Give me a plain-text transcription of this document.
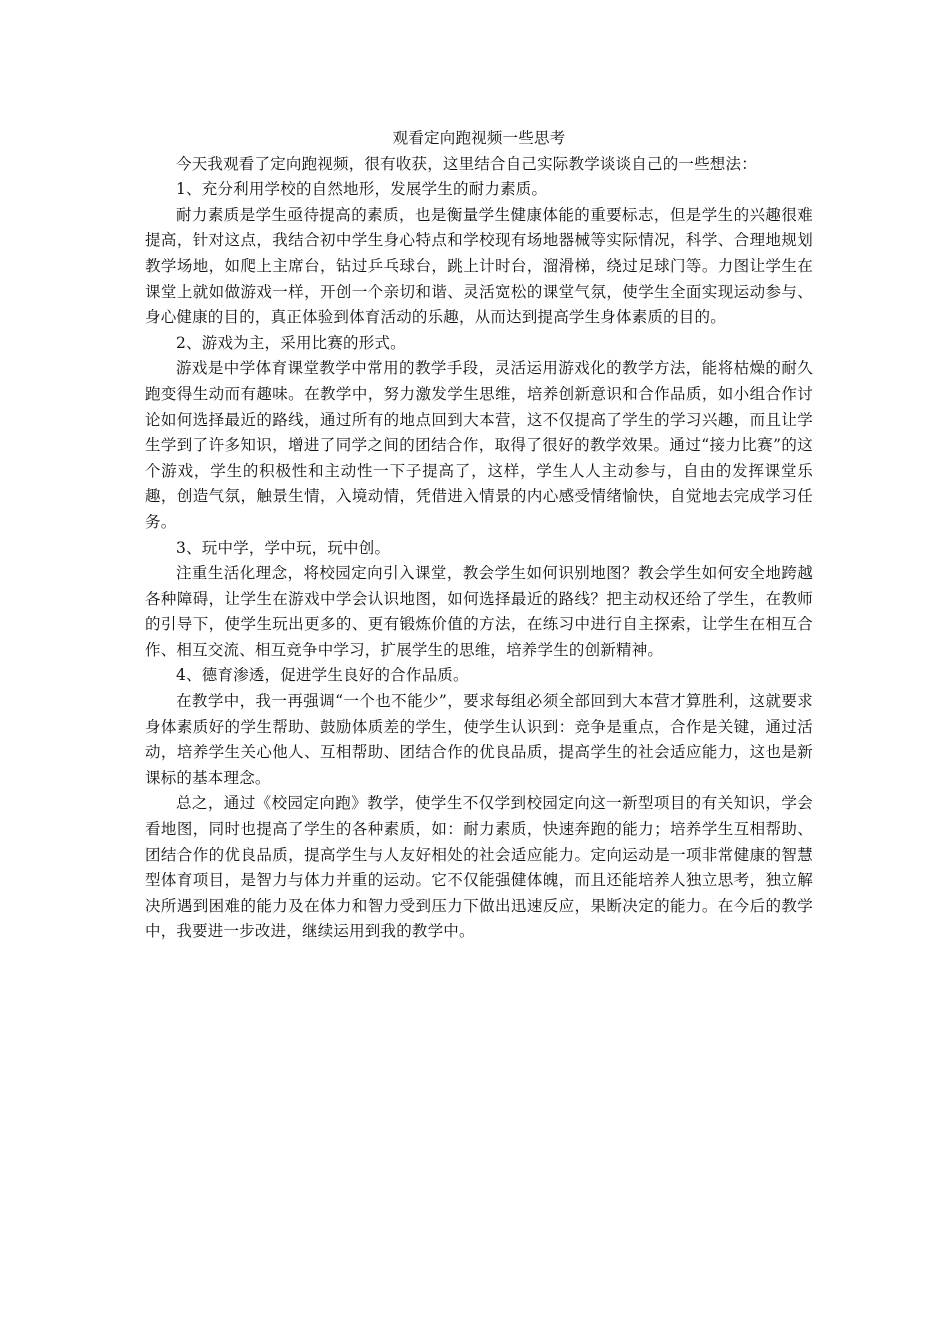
观看定向跑视频一些思考

今天我观看了定向跑视频，很有收获，这里结合自己实际教学谈谈自己的一些想法：

1、充分利用学校的自然地形，发展学生的耐力素质。

耐力素质是学生亟待提高的素质，也是衡量学生健康体能的重要标志，但是学生的兴趣很难提高，针对这点，我结合初中学生身心特点和学校现有场地器械等实际情况，科学、合理地规划教学场地，如爬上主席台，钻过乒乓球台，跳上计时台，溜滑梯，绕过足球门等。力图让学生在课堂上就如做游戏一样，开创一个亲切和谐、灵活宽松的课堂气氛，使学生全面实现运动参与、身心健康的目的，真正体验到体育活动的乐趣，从而达到提高学生身体素质的目的。

2、游戏为主，采用比赛的形式。

游戏是中学体育课堂教学中常用的教学手段，灵活运用游戏化的教学方法，能将枯燥的耐久跑变得生动而有趣味。在教学中，努力激发学生思维，培养创新意识和合作品质，如小组合作讨论如何选择最近的路线，通过所有的地点回到大本营，这不仅提高了学生的学习兴趣，而且让学生学到了许多知识，增进了同学之间的团结合作，取得了很好的教学效果。通过“接力比赛”的这个游戏，学生的积极性和主动性一下子提高了，这样，学生人人主动参与，自由的发挥课堂乐趣，创造气氛，触景生情，入境动情，凭借进入情景的内心感受情绪愉快，自觉地去完成学习任务。

3、玩中学，学中玩，玩中创。

注重生活化理念，将校园定向引入课堂，教会学生如何识别地图？教会学生如何安全地跨越各种障碍，让学生在游戏中学会认识地图，如何选择最近的路线？把主动权还给了学生，在教师的引导下，使学生玩出更多的、更有锻炼价值的方法，在练习中进行自主探索，让学生在相互合作、相互交流、相互竞争中学习，扩展学生的思维，培养学生的创新精神。

4、德育渗透，促进学生良好的合作品质。

在教学中，我一再强调“一个也不能少”，要求每组必须全部回到大本营才算胜利，这就要求身体素质好的学生帮助、鼓励体质差的学生，使学生认识到：竞争是重点，合作是关键，通过活动，培养学生关心他人、互相帮助、团结合作的优良品质，提高学生的社会适应能力，这也是新课标的基本理念。

总之，通过《校园定向跑》教学，使学生不仅学到校园定向这一新型项目的有关知识，学会看地图，同时也提高了学生的各种素质，如：耐力素质，快速奔跑的能力；培养学生互相帮助、团结合作的优良品质，提高学生与人友好相处的社会适应能力。定向运动是一项非常健康的智慧型体育项目，是智力与体力并重的运动。它不仅能强健体魄，而且还能培养人独立思考，独立解决所遇到困难的能力及在体力和智力受到压力下做出迅速反应，果断决定的能力。在今后的教学中，我要进一步改进，继续运用到我的教学中。
